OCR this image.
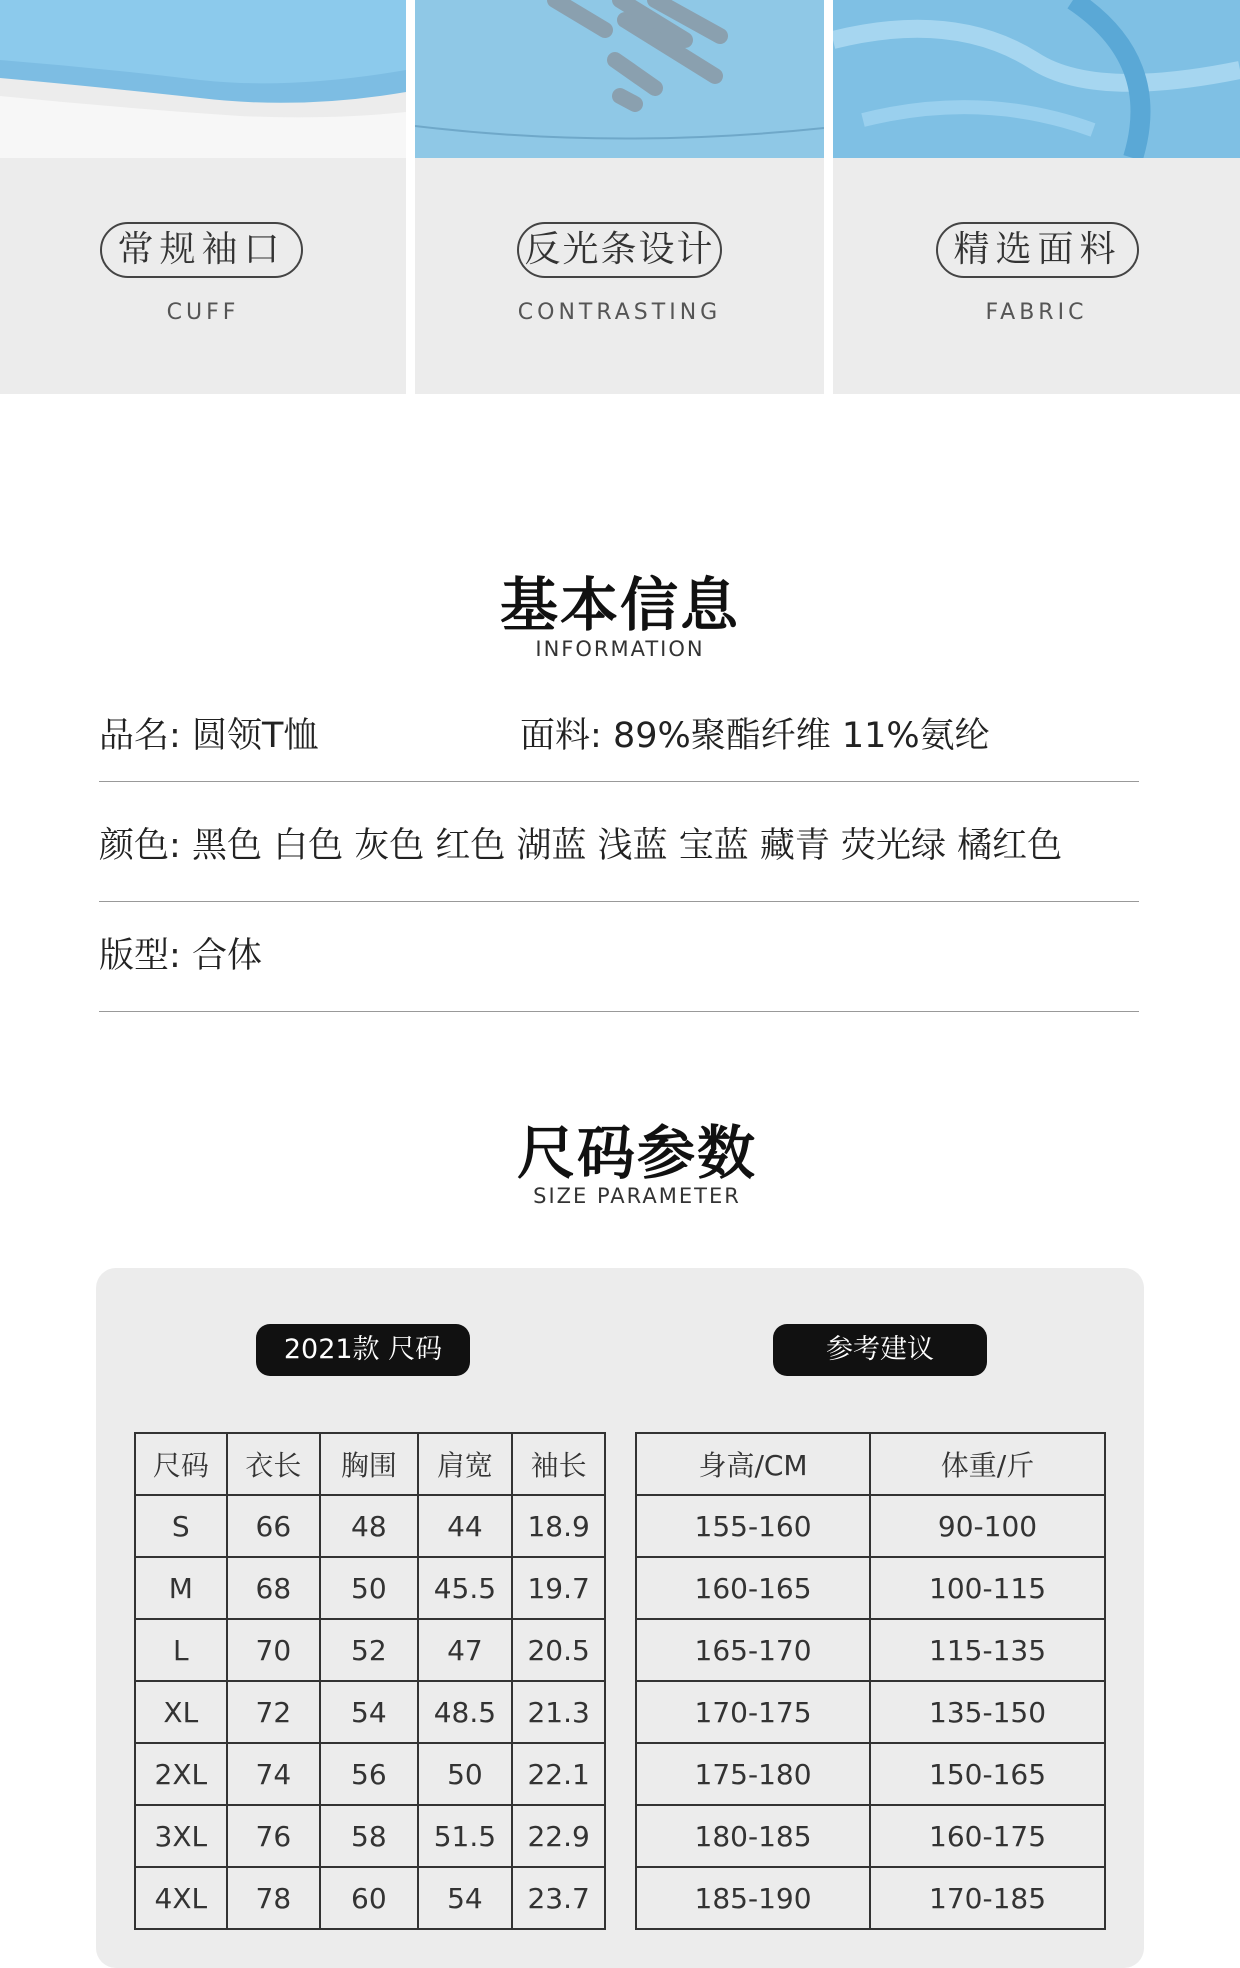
常规袖口
CUFF
反光条设计
CONTRASTING
精选面料
FABRIC
基本信息
INFORMATION
品名: 圆领T恤	面料: 89%聚酯纤维 11%氨纶
颜色: 黑色 白色 灰色 红色 湖蓝 浅蓝 宝蓝 藏青 荧光绿 橘红色
版型: 合体
尺码参数
SIZE PARAMETER
2021款 尺码	参考建议
尺码	衣长	胸围	肩宽	袖长
S	66	48	44	18.9
M	68	50	45.5	19.7
L	70	52	47	20.5
XL	72	54	48.5	21.3
2XL	74	56	50	22.1
3XL	76	58	51.5	22.9
4XL	78	60	54	23.7
身高/CM	体重/斤
155-160	90-100
160-165	100-115
165-170	115-135
170-175	135-150
175-180	150-165
180-185	160-175
185-190	170-185
